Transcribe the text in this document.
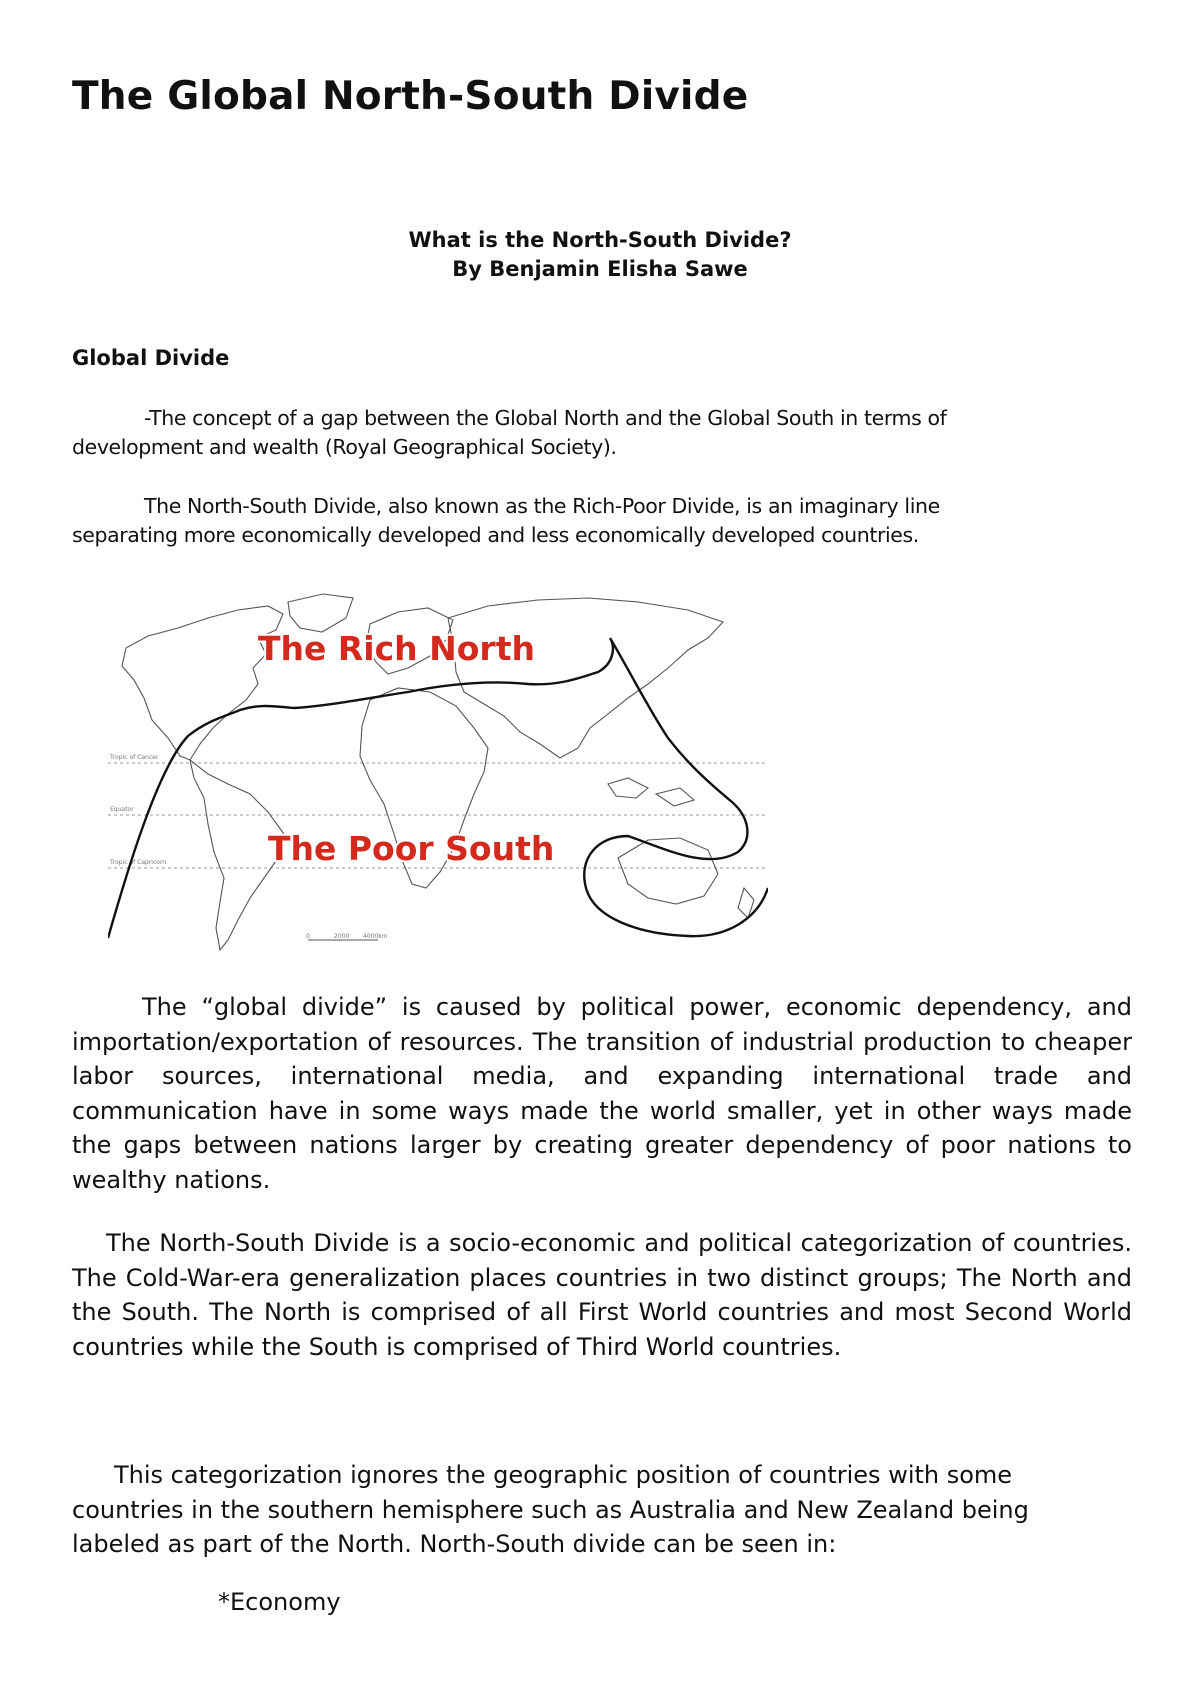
The Global North-South Divide

What is the North-South Divide?

By Benjamin Elisha Sawe

Global Divide

-The concept of a gap between the Global North and the Global South in terms of
development and wealth (Royal Geographical Society).

The North-South Divide, also known as the Rich-Poor Divide, is an imaginary line
separating more economically developed and less economically developed countries.

Tropic of Cancer
Equator
Tropic of Capricorn
0	2000 4000km
The Rich North
The Poor South

The “global divide” is caused by political power, economic dependency, and importation/exportation of resources. The transition of industrial production to cheaper labor sources, international media, and expanding international trade and communication have in some ways made the world smaller, yet in other ways made the gaps between nations larger by creating greater dependency of poor nations to wealthy nations.

The North-South Divide is a socio-economic and political categorization of countries. The Cold-War-era generalization places countries in two distinct groups; The North and the South. The North is comprised of all First World countries and most Second World countries while the South is comprised of Third World countries.

This categorization ignores the geographic position of countries with some
countries in the southern hemisphere such as Australia and New Zealand being
labeled as part of the North. North-South divide can be seen in:

*Economy
